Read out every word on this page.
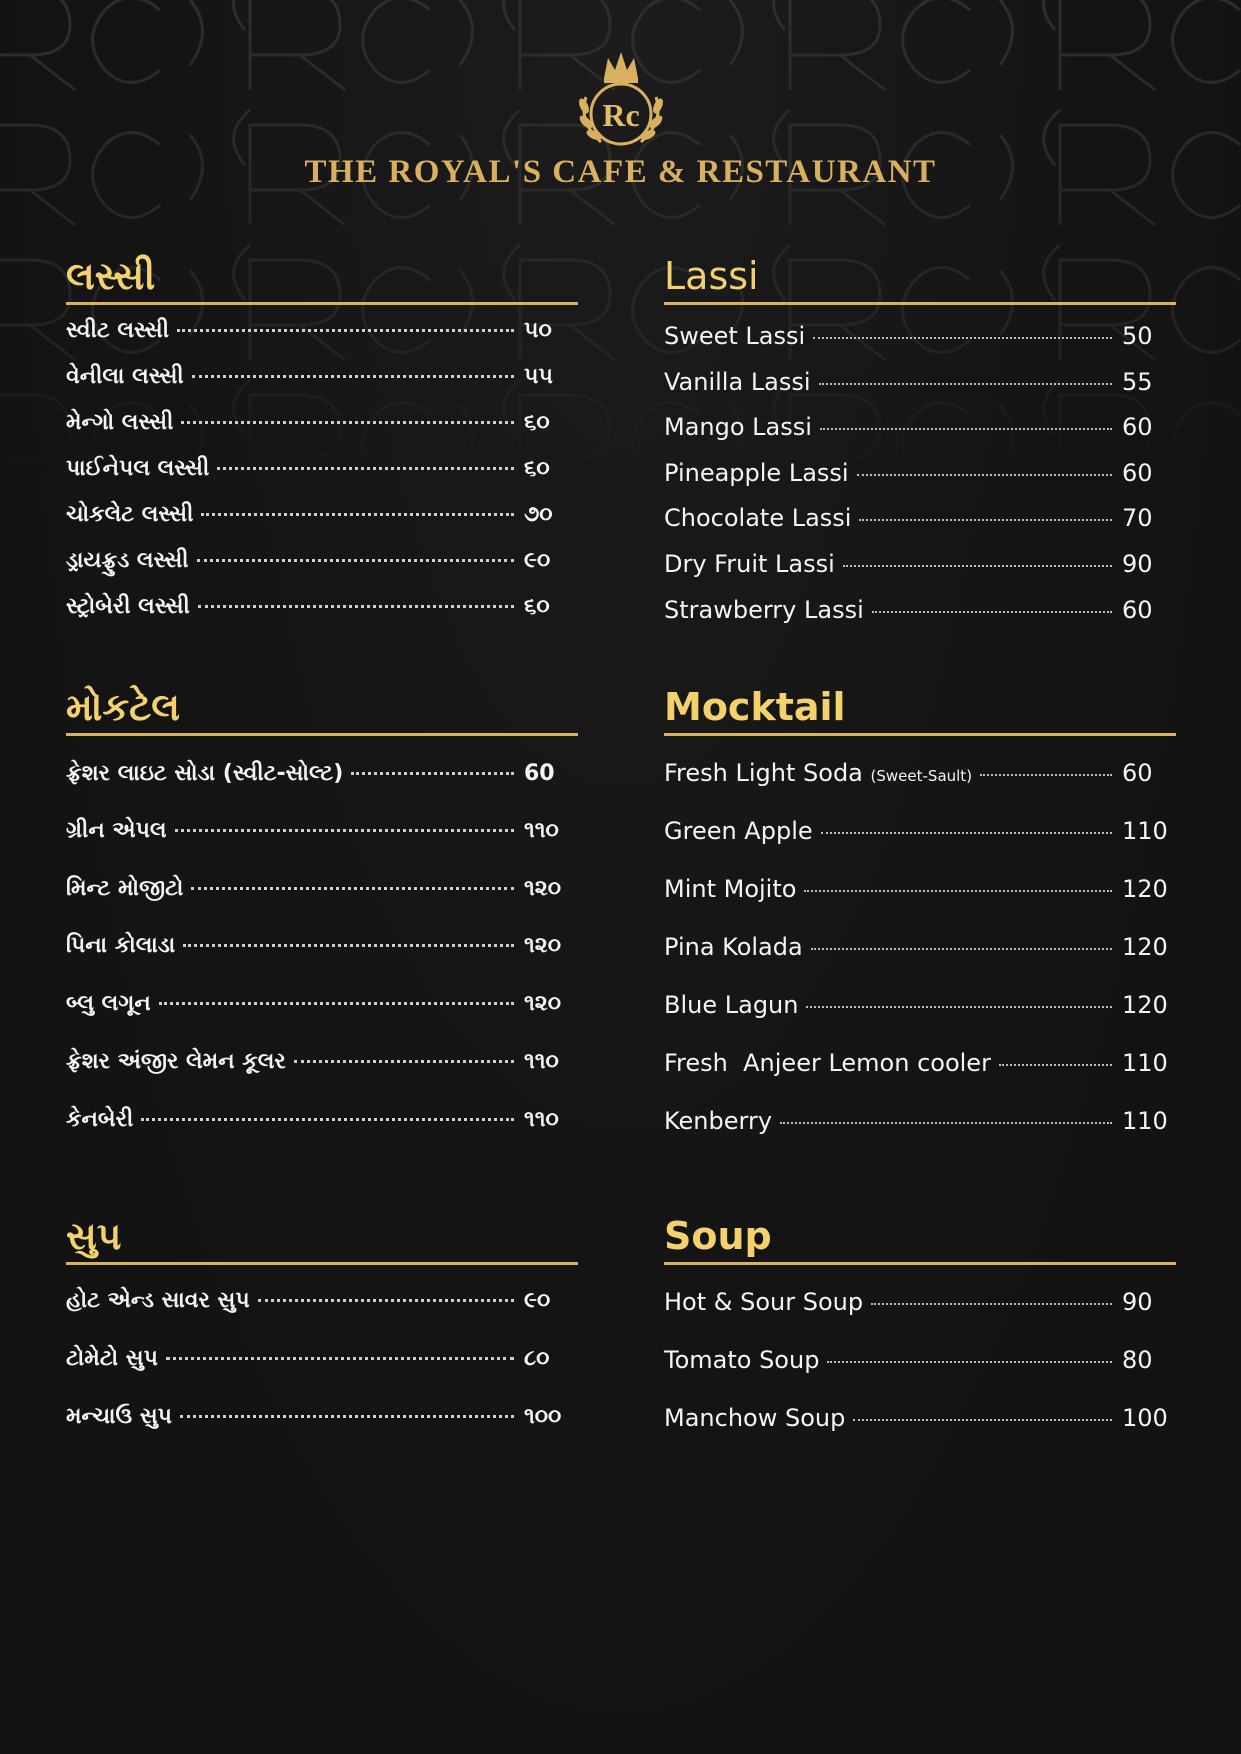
Rc
THE ROYAL'S CAFE & RESTAURANT
લસ્સી
સ્વીટ લસ્સી	૫૦
વેનીલા લસ્સી	૫૫
મેન્ગો લસ્સી	૬૦
પાઈનેપલ લસ્સી	૬૦
ચોકલેટ લસ્સી	૭૦
ડ્રાયફ્રુડ લસ્સી	૯૦
સ્ટ્રોબેરી લસ્સી	૬૦
મોકટેલ
ફ્રેશર લાઇટ સોડા (સ્વીટ-સોલ્ટ)	60
ગ્રીન એપલ	૧૧૦
મિન્ટ મોજીટો	૧૨૦
પિના કોલાડા	૧૨૦
બ્લુ લગૂન	૧૨૦
ફ્રેશર અંજીર લેમન કૂલર	૧૧૦
કેનબેરી	૧૧૦
સુપ
હોટ એન્ડ સાવર સુપ	૯૦
ટોમેટો સુપ	૮૦
મન્ચાઉ સુપ	૧૦૦
Lassi
Sweet Lassi	50
Vanilla Lassi	55
Mango Lassi	60
Pineapple Lassi	60
Chocolate Lassi	70
Dry Fruit Lassi	90
Strawberry Lassi	60
Mocktail
Fresh Light Soda (Sweet-Sault)	60
Green Apple	110
Mint Mojito	120
Pina Kolada	120
Blue Lagun	120
Fresh  Anjeer Lemon cooler	110
Kenberry	110
Soup
Hot & Sour Soup	90
Tomato Soup	80
Manchow Soup	100
